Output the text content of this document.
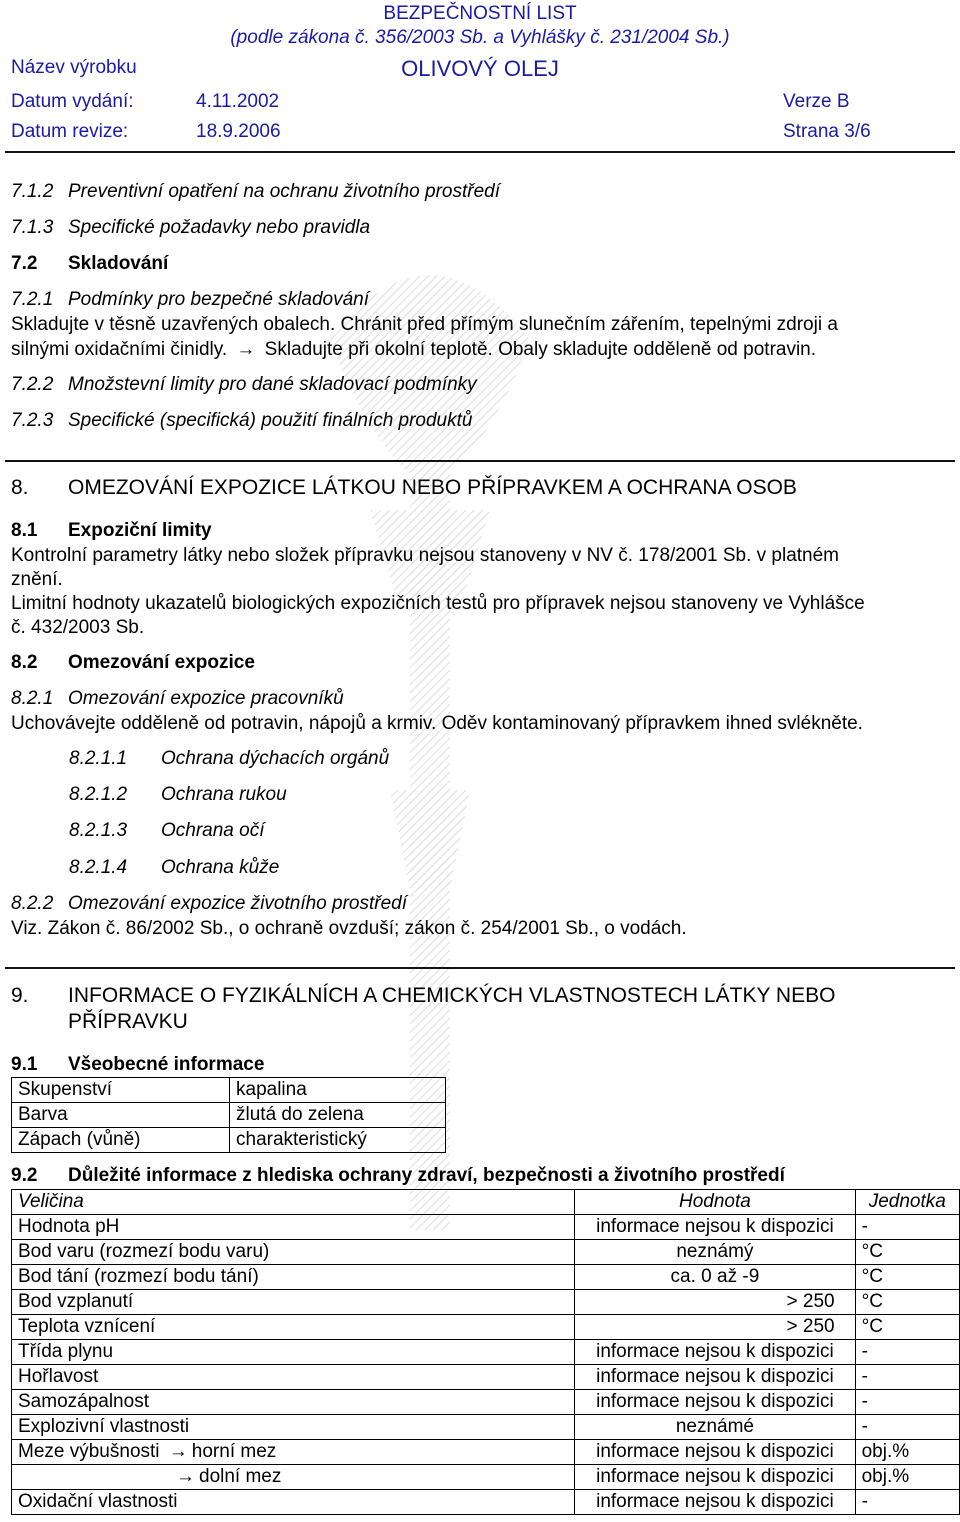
BEZPEČNOSTNÍ LIST
(podle zákona č. 356/2003 Sb. a Vyhlášky č. 231/2004 Sb.)
Název výrobku	OLIVOVÝ OLEJ
Datum vydání:	4.11.2002	Verze B
Datum revize:	18.9.2006	Strana 3/6
7.1.2 Preventivní opatření na ochranu životního prostředí
7.1.3 Specifické požadavky nebo pravidla
7.2 Skladování
7.2.1 Podmínky pro bezpečné skladování
Skladujte v těsně uzavřených obalech. Chránit před přímým slunečním zářením, tepelnými zdroji a
silnými oxidačními činidly. → Skladujte při okolní teplotě. Obaly skladujte odděleně od potravin.
7.2.2 Množstevní limity pro dané skladovací podmínky
7.2.3 Specifické (specifická) použití finálních produktů
8. OMEZOVÁNÍ EXPOZICE LÁTKOU NEBO PŘÍPRAVKEM A OCHRANA OSOB
8.1 Expoziční limity
Kontrolní parametry látky nebo složek přípravku nejsou stanoveny v NV č. 178/2001 Sb. v platném
znění.
Limitní hodnoty ukazatelů biologických expozičních testů pro přípravek nejsou stanoveny ve Vyhlášce
č. 432/2003 Sb.
8.2 Omezování expozice
8.2.1 Omezování expozice pracovníků
Uchovávejte odděleně od potravin, nápojů a krmiv. Oděv kontaminovaný přípravkem ihned svlékněte.
8.2.1.1 Ochrana dýchacích orgánů
8.2.1.2 Ochrana rukou
8.2.1.3 Ochrana očí
8.2.1.4 Ochrana kůže
8.2.2 Omezování expozice životního prostředí
Viz. Zákon č. 86/2002 Sb., o ochraně ovzduší; zákon č. 254/2001 Sb., o vodách.
9. INFORMACE O FYZIKÁLNÍCH A CHEMICKÝCH VLASTNOSTECH LÁTKY NEBO
PŘÍPRAVKU
9.1 Všeobecné informace
Skupenství	kapalina
Barva	žlutá do zelena
Zápach (vůně)	charakteristický
9.2 Důležité informace z hlediska ochrany zdraví, bezpečnosti a životního prostředí
Veličina	Hodnota	Jednotka
Hodnota pH	informace nejsou k dispozici	-
Bod varu (rozmezí bodu varu)	neznámý	°C
Bod tání (rozmezí bodu tání)	ca. 0 až -9	°C
Bod vzplanutí	> 250	°C
Teplota vznícení	> 250	°C
Třída plynu	informace nejsou k dispozici	-
Hořlavost	informace nejsou k dispozici	-
Samozápalnost	informace nejsou k dispozici	-
Explozivní vlastnosti	neznámé	-
Meze výbušnosti → horní mez	informace nejsou k dispozici	obj.%
→ dolní mez	informace nejsou k dispozici	obj.%
Oxidační vlastnosti	informace nejsou k dispozici	-
